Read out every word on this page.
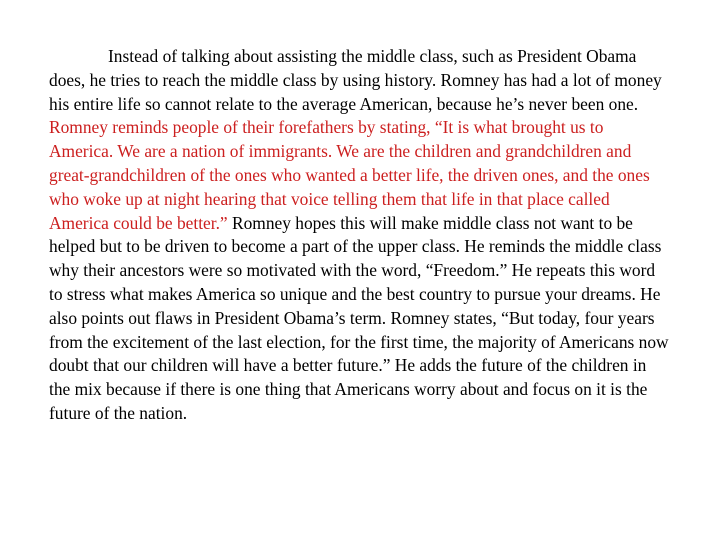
Instead of talking about assisting the middle class, such as President Obama does, he tries to reach the middle class by using history. Romney has had a lot of money his entire life so cannot relate to the average American, because he’s never been one. Romney reminds people of their forefathers by stating, “It is what brought us to America. We are a nation of immigrants. We are the children and grandchildren and great-grandchildren of the ones who wanted a better life, the driven ones, and the ones who woke up at night hearing that voice telling them that life in that place called America could be better.” Romney hopes this will make middle class not want to be helped but to be driven to become a part of the upper class. He reminds the middle class why their ancestors were so motivated with the word, “Freedom.” He repeats this word to stress what makes America so unique and the best country to pursue your dreams. He also points out flaws in President Obama’s term. Romney states, “But today, four years from the excitement of the last election, for the first time, the majority of Americans now doubt that our children will have a better future.” He adds the future of the children in the mix because if there is one thing that Americans worry about and focus on it is the future of the nation.
